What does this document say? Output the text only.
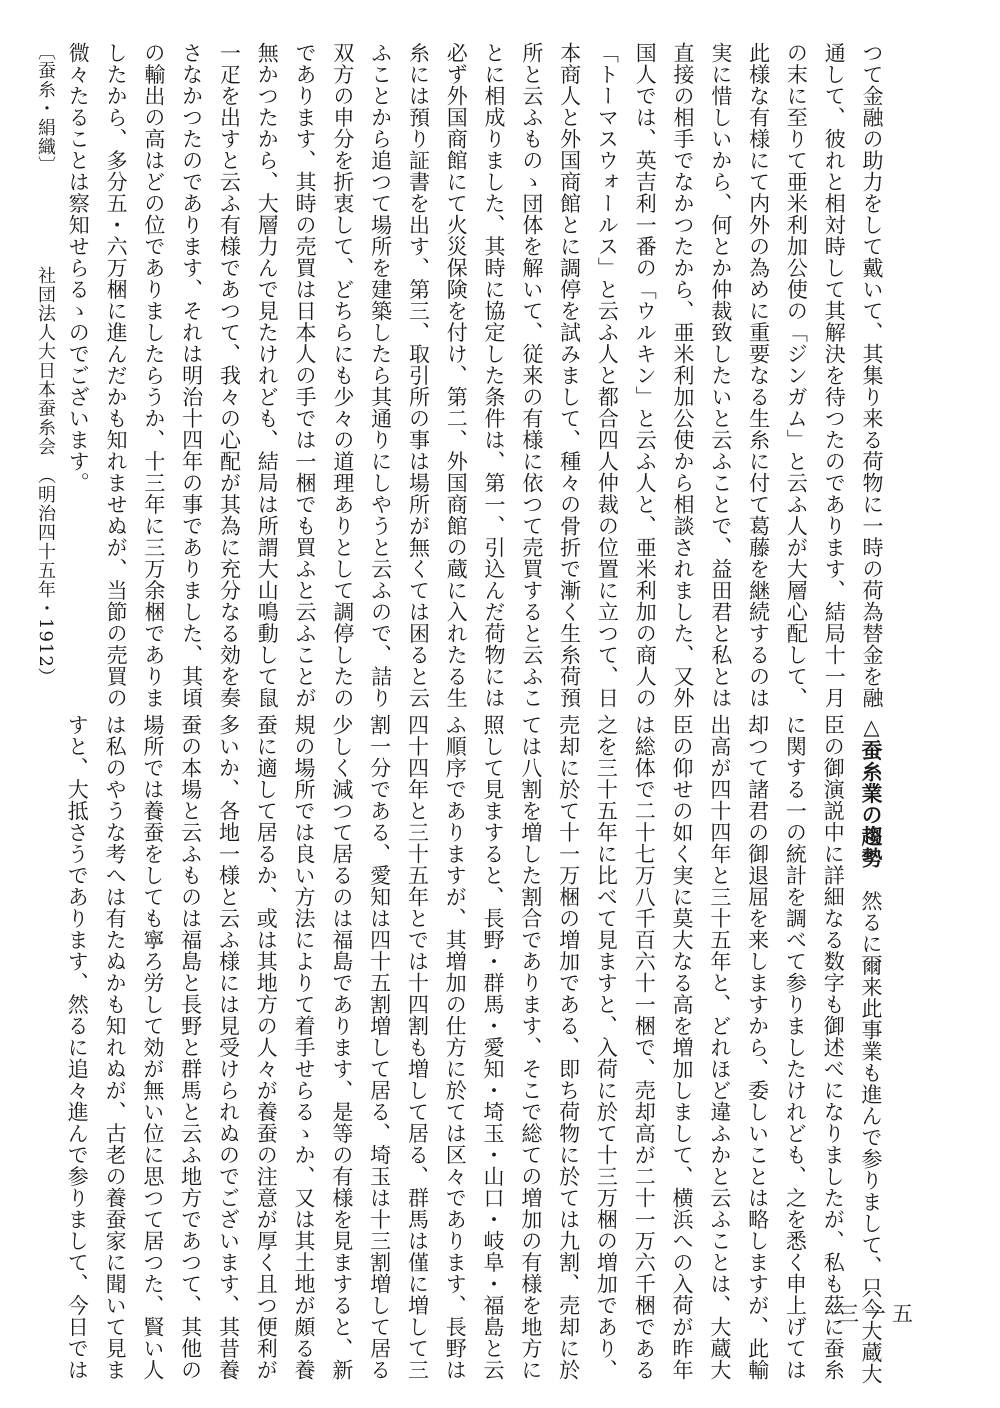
つて金融の助力をして戴いて、其集り来る荷物に一時の荷為替金を融
通して、彼れと相対時して其解決を待つたのであります、結局十一月
の末に至りて亜米利加公使の「ジンガム」と云ふ人が大層心配して、
此様な有様にて内外の為めに重要なる生糸に付て葛藤を継続するのは
実に惜しいから、何とか仲裁致したいと云ふことで、益田君と私とは
直接の相手でなかつたから、亜米利加公使から相談されました、又外
国人では、英吉利一番の「ウルキン」と云ふ人と、亜米利加の商人の
「トーマスウォールス」と云ふ人と都合四人仲裁の位置に立つて、日
本商人と外国商館とに調停を試みまして、種々の骨折で漸く生糸荷預
所と云ふものゝ団体を解いて、従来の有様に依つて売買すると云ふこ
とに相成りました、其時に協定した条件は、第一、引込んだ荷物には
必ず外国商館にて火災保険を付け、第二、外国商館の蔵に入れたる生
糸には預り証書を出す、第三、取引所の事は場所が無くては困ると云
ふことから追つて場所を建築したら其通りにしやうと云ふので、詰り
双方の申分を折衷して、どちらにも少々の道理ありとして調停したの
であります、其時の売買は日本人の手では一梱でも買ふと云ふことが
無かつたから、大層力んで見たけれども、結局は所謂大山鳴動して鼠
一疋を出すと云ふ有様であつて、我々の心配が其為に充分なる効を奏
さなかつたのであります、それは明治十四年の事でありました、其頃
の輸出の高はどの位でありましたらうか、十三年に三万余梱でありま
したから、多分五・六万梱に進んだかも知れませぬが、当節の売買の
微々たることは察知せらるゝのでございます。
△蚕糸業の趨勢　然るに爾来此事業も進んで参りまして、只今大蔵大
臣の御演説中に詳細なる数字も御述べになりましたが、私も茲に蚕糸
に関する一の統計を調べて参りましたけれども、之を悉く申上げては
却つて諸君の御退屈を来しますから、委しいことは略しますが、此輸
出高が四十四年と三十五年と、どれほど違ふかと云ふことは、大蔵大
臣の仰せの如く実に莫大なる高を増加しまして、横浜への入荷が昨年
は総体で二十七万八千百六十一梱で、売却高が二十一万六千梱である
之を三十五年に比べて見ますと、入荷に於て十三万梱の増加であり、
売却に於て十一万梱の増加である、即ち荷物に於ては九割、売却に於
ては八割を増した割合であります、そこで総ての増加の有様を地方に
照して見ますると、長野・群馬・愛知・埼玉・山口・岐阜・福島と云
ふ順序でありますが、其増加の仕方に於ては区々であります、長野は
四十四年と三十五年とでは十四割も増して居る、群馬は僅に増して三
割一分である、愛知は四十五割増して居る、埼玉は十三割増して居る
少しく減つて居るのは福島であります、是等の有様を見ますると、新
規の場所では良い方法によりて着手せらるゝか、又は其土地が頗る養
蚕に適して居るか、或は其地方の人々が養蚕の注意が厚く且つ便利が
多いか、各地一様と云ふ様には見受けられぬのでございます、其昔養
蚕の本場と云ふものは福島と長野と群馬と云ふ地方であつて、其他の
場所では養蚕をしても寧ろ労して効が無い位に思つて居つた、賢い人
は私のやうな考へは有たぬかも知れぬが、古老の養蚕家に聞いて見ま
すと、大抵さうであります、然るに追々進んで参りまして、今日では
〔蚕糸・絹織〕
社団法人大日本蚕糸会　（明治四十五年・1912）
三一五
